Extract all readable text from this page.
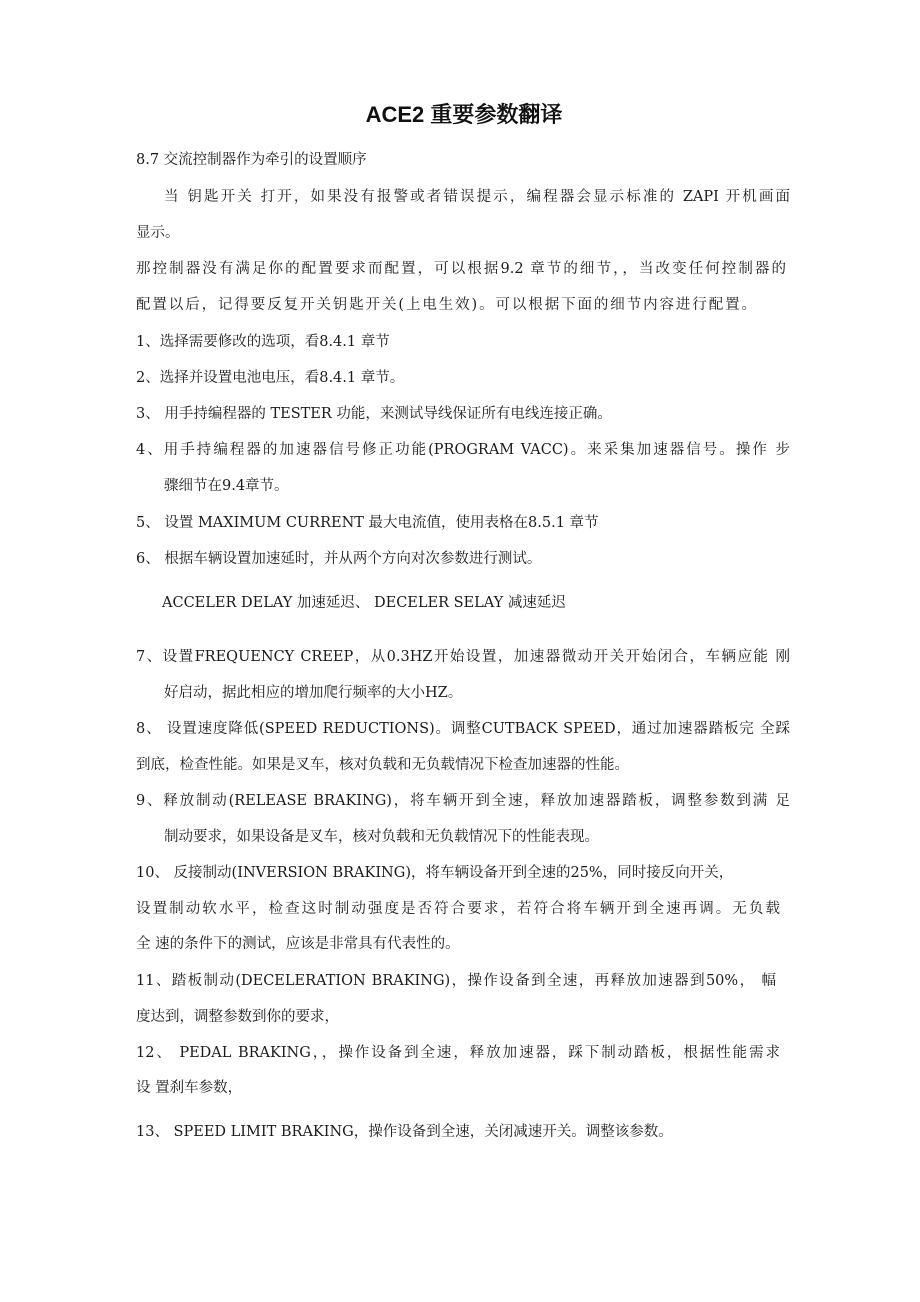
ACE2 重要参数翻译
8.7 交流控制器作为牵引的设置顺序
当 钥匙开关 打开，如果没有报警或者错误提示，编程器会显示标准的 ZAPI 开机画面
显示。
那控制器没有满足你的配置要求而配置，可以根据9.2 章节的细节，，当改变任何控制器的
配置以后，记得要反复开关钥匙开关(上电生效)。可以根据下面的细节内容进行配置。
1、选择需要修改的选项，看8.4.1 章节
2、选择并设置电池电压，看8.4.1 章节。
3、 用手持编程器的 TESTER 功能，来测试导线保证所有电线连接正确。
4、用手持编程器的加速器信号修正功能(PROGRAM VACC)。来采集加速器信号。操作 步
骤细节在9.4章节。
5、 设置 MAXIMUM CURRENT 最大电流值，使用表格在8.5.1 章节
6、 根据车辆设置加速延时，并从两个方向对次参数进行测试。
ACCELER DELAY 加速延迟、 DECELER SELAY 减速延迟
7、设置FREQUENCY CREEP，从0.3HZ开始设置，加速器微动开关开始闭合，车辆应能 刚
好启动，据此相应的增加爬行频率的大小HZ。
8、 设置速度降低(SPEED REDUCTIONS)。调整CUTBACK SPEED，通过加速器踏板完 全踩
到底，检查性能。如果是叉车，核对负载和无负载情况下检查加速器的性能。
9、释放制动(RELEASE BRAKING)，将车辆开到全速，释放加速器踏板，调整参数到满 足
制动要求，如果设备是叉车，核对负载和无负载情况下的性能表现。
10、 反接制动(INVERSION BRAKING)，将车辆设备开到全速的25%，同时接反向开关，
设置制动软水平，检查这时制动强度是否符合要求，若符合将车辆开到全速再调。无负载
全 速的条件下的测试，应该是非常具有代表性的。
11、踏板制动(DECELERATION BRAKING)，操作设备到全速，再释放加速器到50%， 幅
度达到，调整参数到你的要求，
12、 PEDAL BRAKING，，操作设备到全速，释放加速器，踩下制动踏板，根据性能需求
设 置刹车参数，
13、 SPEED LIMIT BRAKING，操作设备到全速，关闭减速开关。调整该参数。
